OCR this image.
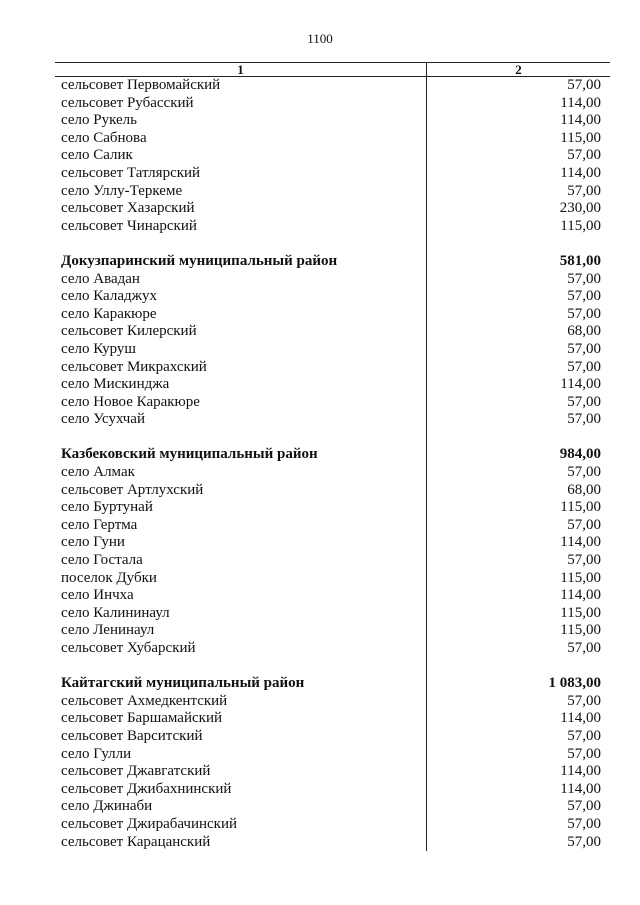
1100
1	2
сельсовет Первомайский	57,00
сельсовет Рубасский	114,00
село Рукель	114,00
село Сабнова	115,00
село Салик	57,00
сельсовет Татлярский	114,00
село Уллу-Теркеме	57,00
сельсовет Хазарский	230,00
сельсовет Чинарский	115,00
Докузпаринский муниципальный район	581,00
село Авадан	57,00
село Каладжух	57,00
село Каракюре	57,00
сельсовет Килерский	68,00
село Куруш	57,00
сельсовет Микрахский	57,00
село Мискинджа	114,00
село Новое Каракюре	57,00
село Усухчай	57,00
Казбековский муниципальный район	984,00
село Алмак	57,00
сельсовет Артлухский	68,00
село Буртунай	115,00
село Гертма	57,00
село Гуни	114,00
село Гостала	57,00
поселок Дубки	115,00
село Инчха	114,00
село Калининаул	115,00
село Ленинаул	115,00
сельсовет Хубарский	57,00
Кайтагский муниципальный район	1 083,00
сельсовет Ахмедкентский	57,00
сельсовет Баршамайский	114,00
сельсовет Варситский	57,00
село Гулли	57,00
сельсовет Джавгатский	114,00
сельсовет Джибахнинский	114,00
село Джинаби	57,00
сельсовет Джирабачинский	57,00
сельсовет Карацанский	57,00
